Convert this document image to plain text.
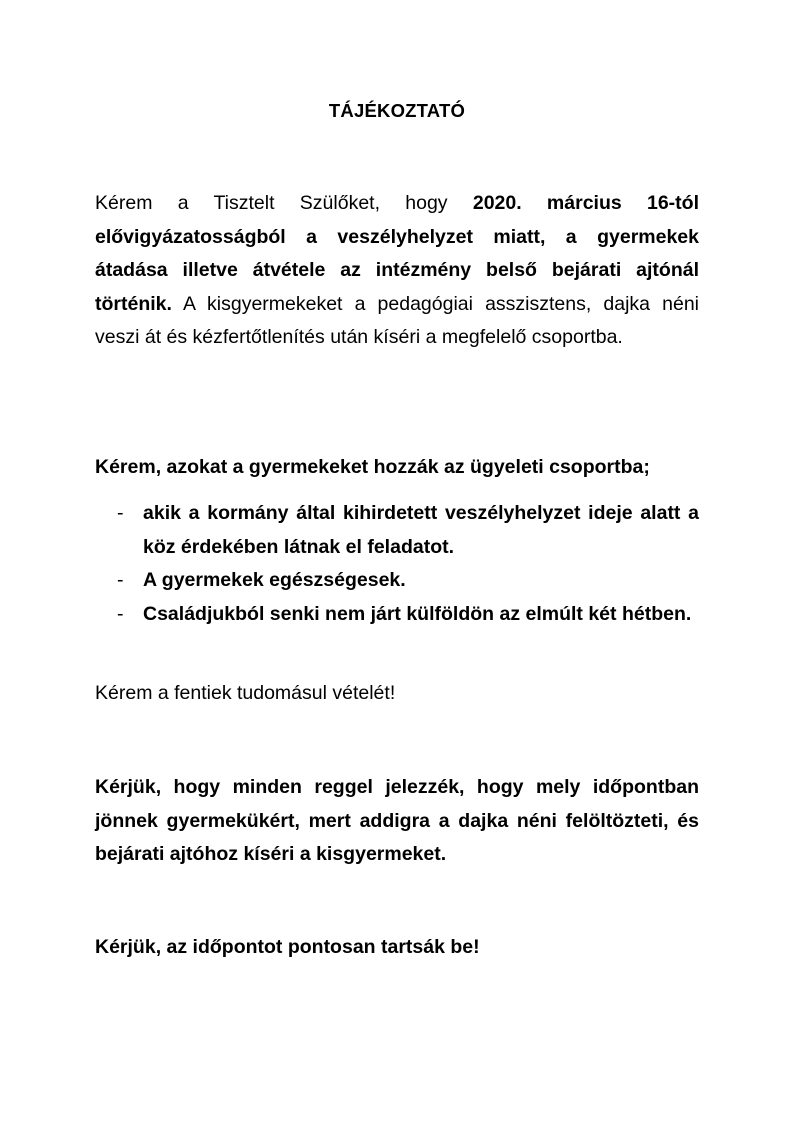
TÁJÉKOZTATÓ

Kérem a Tisztelt Szülőket, hogy 2020. március 16-tól elővigyázatosságból a veszélyhelyzet miatt, a gyermekek átadása illetve átvétele az intézmény belső bejárati ajtónál történik. A kisgyermekeket a pedagógiai asszisztens, dajka néni veszi át és kézfertőtlenítés után kíséri a megfelelő csoportba.

Kérem, azokat a gyermekeket hozzák az ügyeleti csoportba;

- akik a kormány által kihirdetett veszélyhelyzet ideje alatt a köz érdekében látnak el feladatot.
- A gyermekek egészségesek.
- Családjukból senki nem járt külföldön az elmúlt két hétben.

Kérem a fentiek tudomásul vételét!

Kérjük, hogy minden reggel jelezzék, hogy mely időpontban jönnek gyermekükért, mert addigra a dajka néni felöltözteti, és bejárati ajtóhoz kíséri a kisgyermeket.

Kérjük, az időpontot pontosan tartsák be!
